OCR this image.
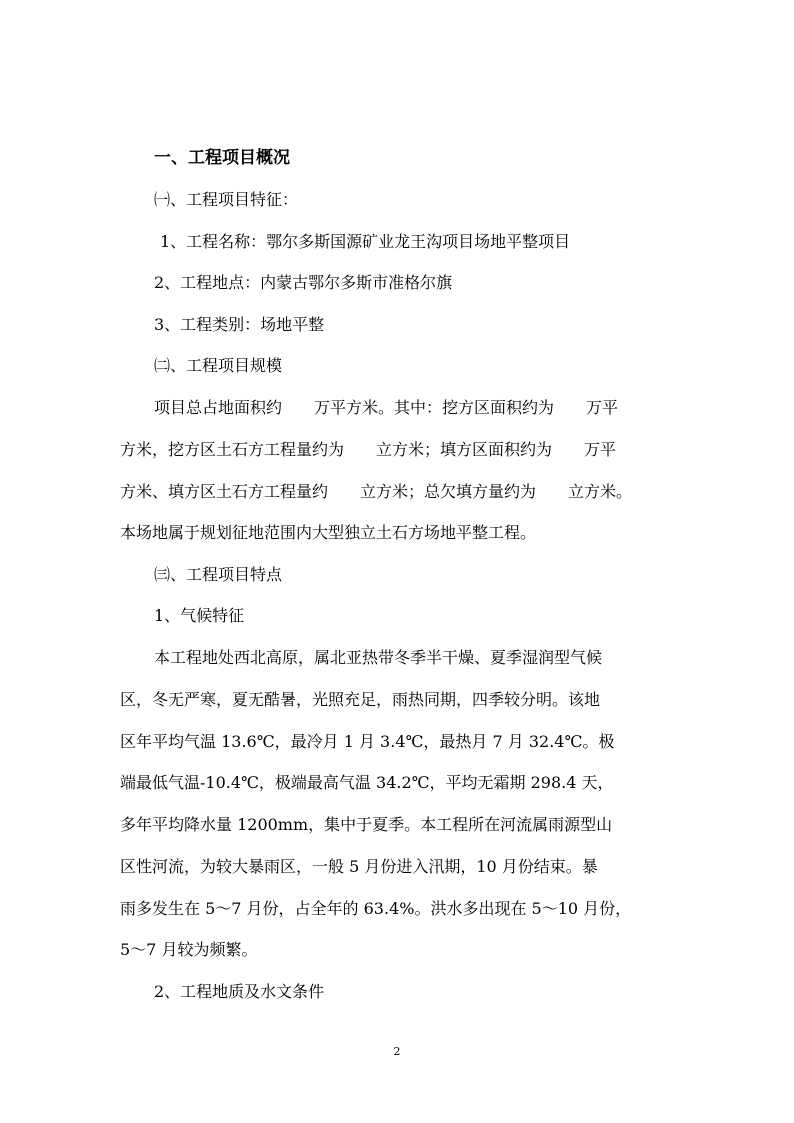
一、工程项目概况
㈠、工程项目特征：
1、工程名称：鄂尔多斯国源矿业龙王沟项目场地平整项目
2、工程地点：内蒙古鄂尔多斯市准格尔旗
3、工程类别：场地平整
㈡、工程项目规模
项目总占地面积约　　万平方米。其中：挖方区面积约为　　万平
方米，挖方区土石方工程量约为　　立方米；填方区面积约为　　万平
方米、填方区土石方工程量约　　立方米；总欠填方量约为　　立方米。
本场地属于规划征地范围内大型独立土石方场地平整工程。
㈢、工程项目特点
1、气候特征
本工程地处西北高原，属北亚热带冬季半干燥、夏季湿润型气候
区，冬无严寒，夏无酷暑，光照充足，雨热同期，四季较分明。该地
区年平均气温 13.6℃，最冷月 1 月 3.4℃，最热月 7 月 32.4℃。极
端最低气温-10.4℃，极端最高气温 34.2℃，平均无霜期 298.4 天，
多年平均降水量 1200mm，集中于夏季。本工程所在河流属雨源型山
区性河流，为较大暴雨区，一般 5 月份进入汛期，10 月份结束。暴
雨多发生在 5～7 月份，占全年的 63.4%。洪水多出现在 5～10 月份，
5～7 月较为频繁。
2、工程地质及水文条件
2
